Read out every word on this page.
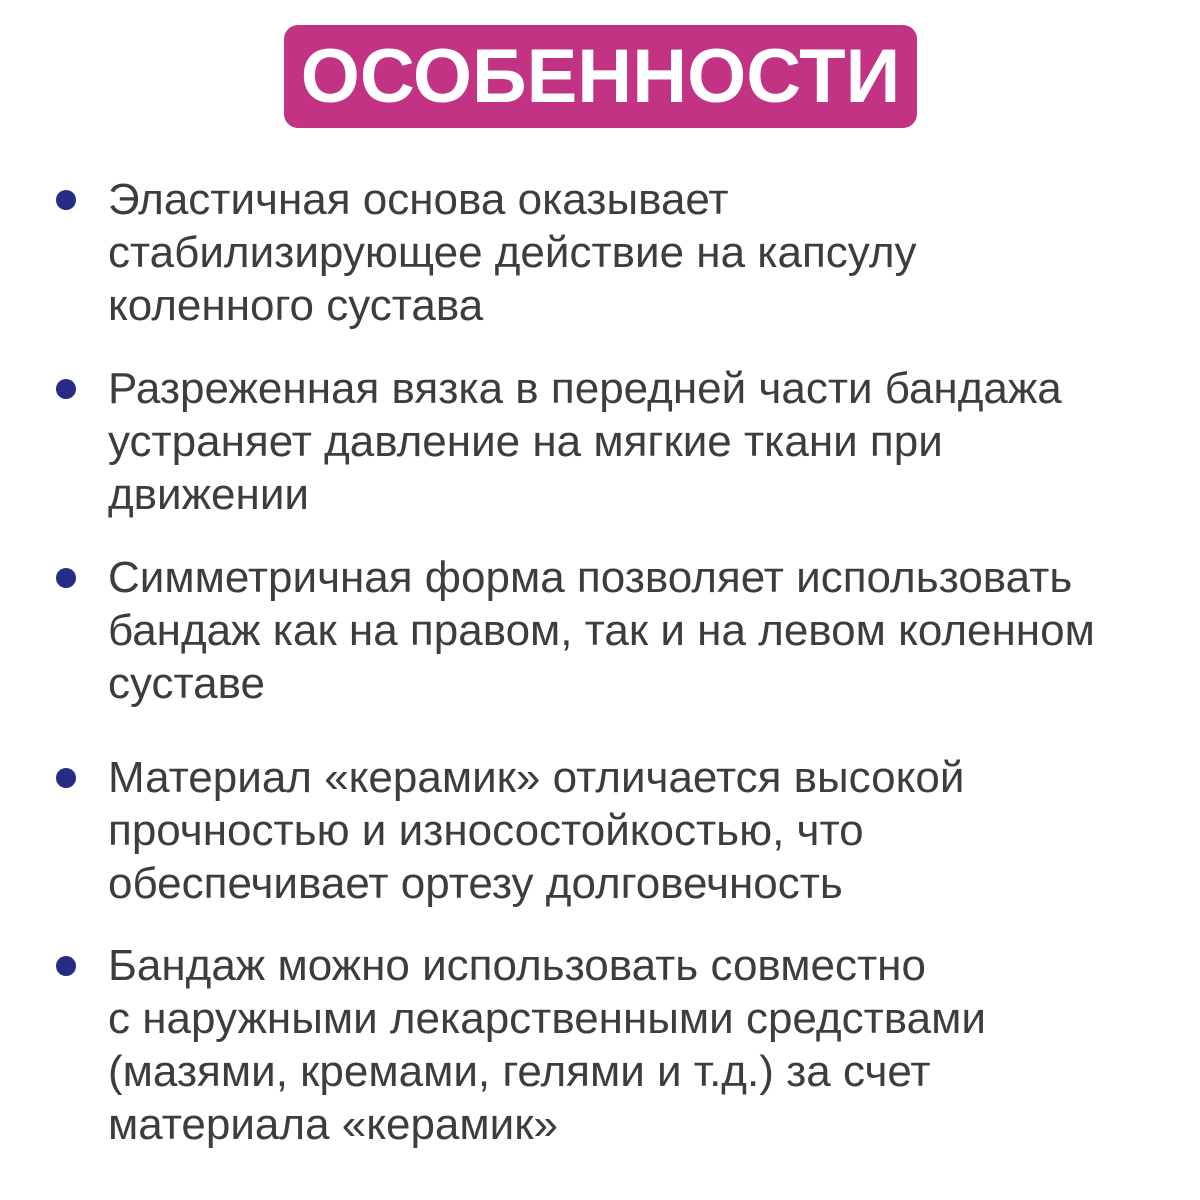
ОСОБЕННОСТИ
Эластичная основа оказывает
стабилизирующее действие на капсулу
коленного сустава
Разреженная вязка в передней части бандажа
устраняет давление на мягкие ткани при
движении
Симметричная форма позволяет использовать
бандаж как на правом, так и на левом коленном
суставе
Материал «керамик» отличается высокой
прочностью и износостойкостью, что
обеспечивает ортезу долговечность
Бандаж можно использовать совместно
с наружными лекарственными средствами
(мазями, кремами, гелями и т.д.) за счет
материала «керамик»
